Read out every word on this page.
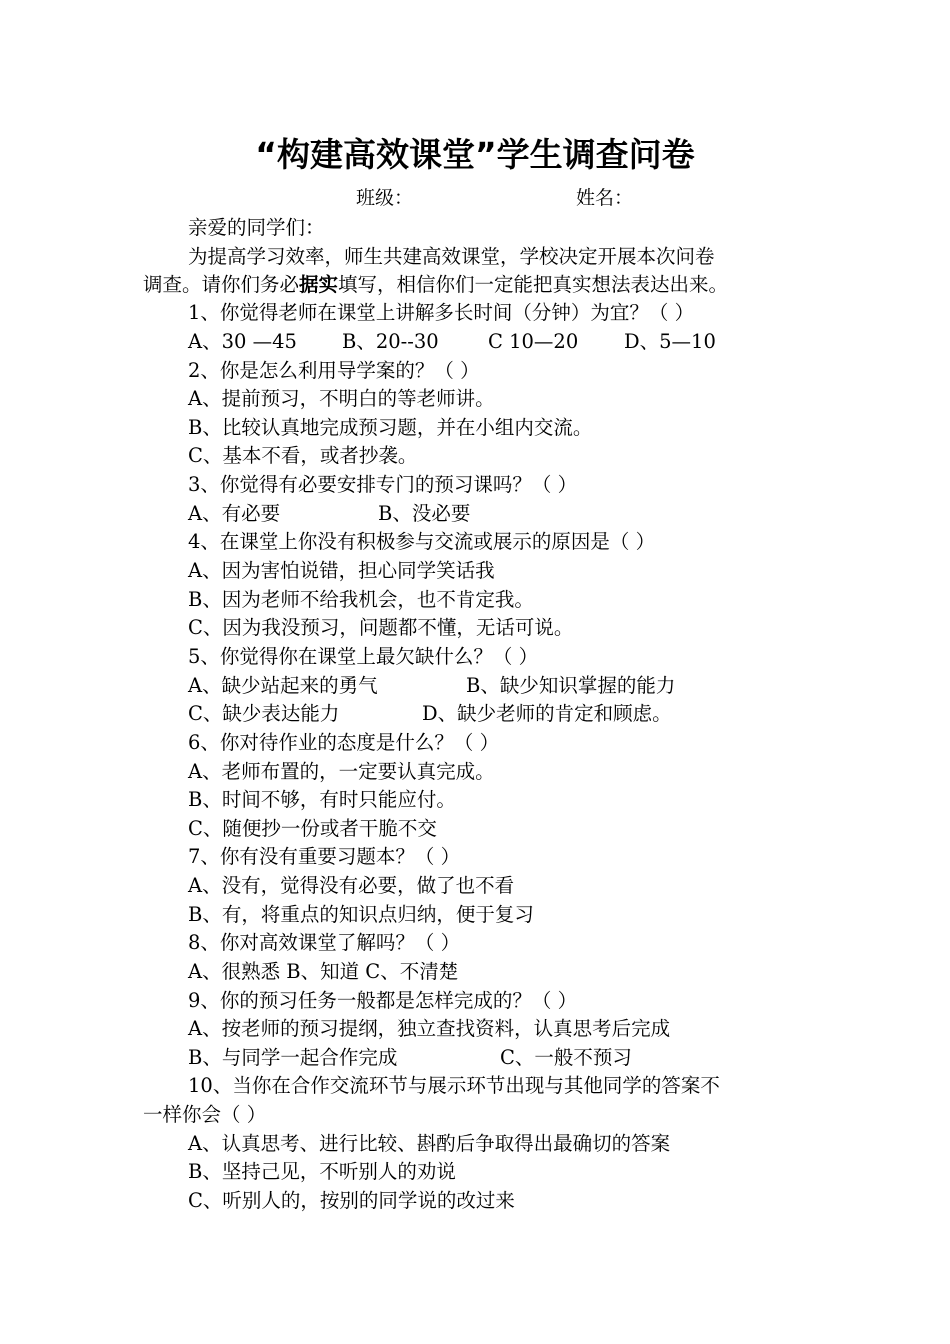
“构建高效课堂”学生调查问卷
班级：	姓名：
亲爱的同学们：
为提高学习效率，师生共建高效课堂，学校决定开展本次问卷
调查。请你们务必据实填写，相信你们一定能把真实想法表达出来。
1、你觉得老师在课堂上讲解多长时间（分钟）为宜？（ ）
A、30 —45 B、20--30	C 10—20 D、5—10
2、你是怎么利用导学案的？（ ）
A、提前预习，不明白的等老师讲。
B、比较认真地完成预习题，并在小组内交流。
C、基本不看，或者抄袭。
3、你觉得有必要安排专门的预习课吗？（ ）
A、有必要	B、没必要
4、在课堂上你没有积极参与交流或展示的原因是（ ）
A、因为害怕说错，担心同学笑话我
B、因为老师不给我机会，也不肯定我。
C、因为我没预习，问题都不懂，无话可说。
5、你觉得你在课堂上最欠缺什么？（ ）
A、缺少站起来的勇气	B、缺少知识掌握的能力
C、缺少表达能力	D、缺少老师的肯定和顾虑。
6、你对待作业的态度是什么？（ ）
A、老师布置的，一定要认真完成。
B、时间不够，有时只能应付。
C、随便抄一份或者干脆不交
7、你有没有重要习题本？（ ）
A、没有，觉得没有必要，做了也不看
B、有，将重点的知识点归纳，便于复习
8、你对高效课堂了解吗？（ ）
A、很熟悉 B、知道 C、不清楚
9、你的预习任务一般都是怎样完成的？（ ）
A、按老师的预习提纲，独立查找资料，认真思考后完成
B、与同学一起合作完成	C、一般不预习
10、当你在合作交流环节与展示环节出现与其他同学的答案不
一样你会（ ）
A、认真思考、进行比较、斟酌后争取得出最确切的答案
B、坚持己见，不听别人的劝说
C、听别人的，按别的同学说的改过来
